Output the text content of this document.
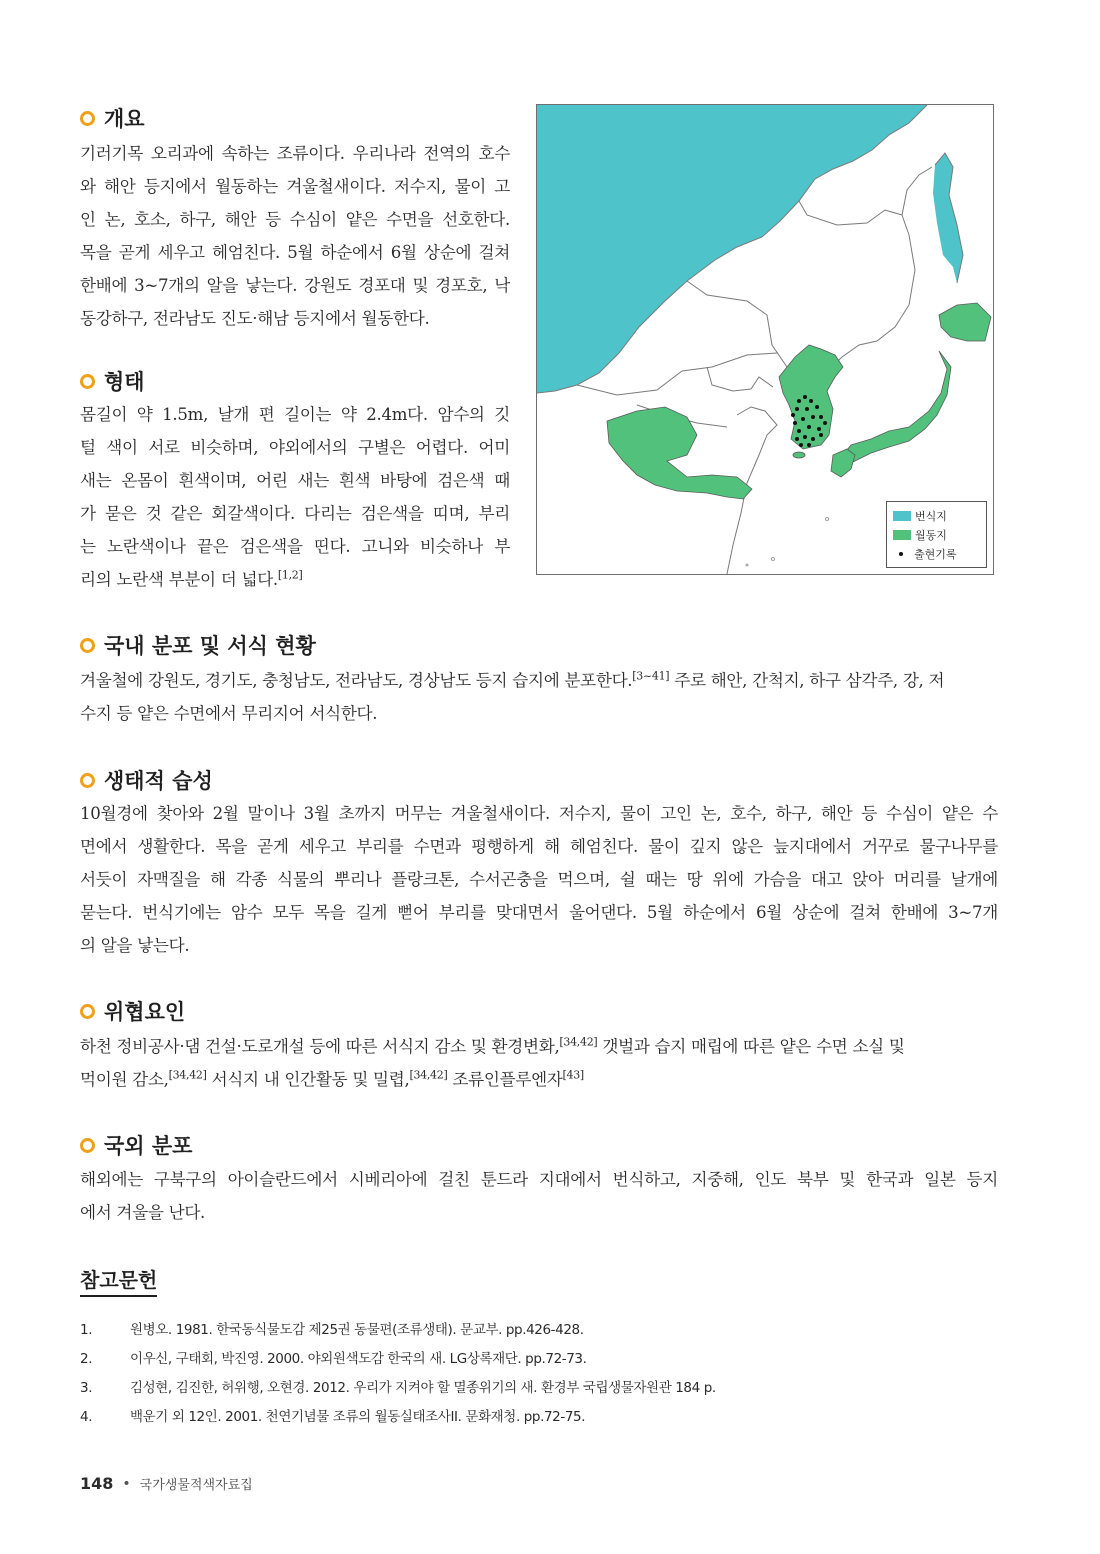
개요
기러기목 오리과에 속하는 조류이다. 우리나라 전역의 호수
와 해안 등지에서 월동하는 겨울철새이다. 저수지, 물이 고
인 논, 호소, 하구, 해안 등 수심이 얕은 수면을 선호한다.
목을 곧게 세우고 헤엄친다. 5월 하순에서 6월 상순에 걸쳐
한배에 3~7개의 알을 낳는다. 강원도 경포대 및 경포호, 낙
동강하구, 전라남도 진도·해남 등지에서 월동한다.
형태
몸길이 약 1.5m, 날개 편 길이는 약 2.4m다. 암수의 깃
털 색이 서로 비슷하며, 야외에서의 구별은 어렵다. 어미
새는 온몸이 흰색이며, 어린 새는 흰색 바탕에 검은색 때
가 묻은 것 같은 회갈색이다. 다리는 검은색을 띠며, 부리
는 노란색이나 끝은 검은색을 띤다. 고니와 비슷하나 부
리의 노란색 부분이 더 넓다.[1,2]
번식지
월동지
출현기록
국내 분포 및 서식 현황
겨울철에 강원도, 경기도, 충청남도, 전라남도, 경상남도 등지 습지에 분포한다.[3~41] 주로 해안, 간척지, 하구 삼각주, 강, 저
수지 등 얕은 수면에서 무리지어 서식한다.
생태적 습성
10월경에 찾아와 2월 말이나 3월 초까지 머무는 겨울철새이다. 저수지, 물이 고인 논, 호수, 하구, 해안 등 수심이 얕은 수
면에서 생활한다. 목을 곧게 세우고 부리를 수면과 평행하게 해 헤엄친다. 물이 깊지 않은 늪지대에서 거꾸로 물구나무를
서듯이 자맥질을 해 각종 식물의 뿌리나 플랑크톤, 수서곤충을 먹으며, 쉴 때는 땅 위에 가슴을 대고 앉아 머리를 날개에
묻는다. 번식기에는 암수 모두 목을 길게 뻗어 부리를 맞대면서 울어댄다. 5월 하순에서 6월 상순에 걸쳐 한배에 3~7개
의 알을 낳는다.
위협요인
하천 정비공사·댐 건설·도로개설 등에 따른 서식지 감소 및 환경변화,[34,42] 갯벌과 습지 매립에 따른 얕은 수면 소실 및
먹이원 감소,[34,42] 서식지 내 인간활동 및 밀렵,[34,42] 조류인플루엔자[43]
국외 분포
해외에는 구북구의 아이슬란드에서 시베리아에 걸친 툰드라 지대에서 번식하고, 지중해, 인도 북부 및 한국과 일본 등지
에서 겨울을 난다.
참고문헌
1.	원병오. 1981. 한국동식물도감 제25권 동물편(조류생태). 문교부. pp.426-428.
2.	이우신, 구태회, 박진영. 2000. 야외원색도감 한국의 새. LG상록재단. pp.72-73.
3.	김성현, 김진한, 허위행, 오현경. 2012. 우리가 지켜야 할 멸종위기의 새. 환경부 국립생물자원관 184 p.
4.	백운기 외 12인. 2001. 천연기념물 조류의 월동실태조사II. 문화재청. pp.72-75.
148 • 국가생물적색자료집
